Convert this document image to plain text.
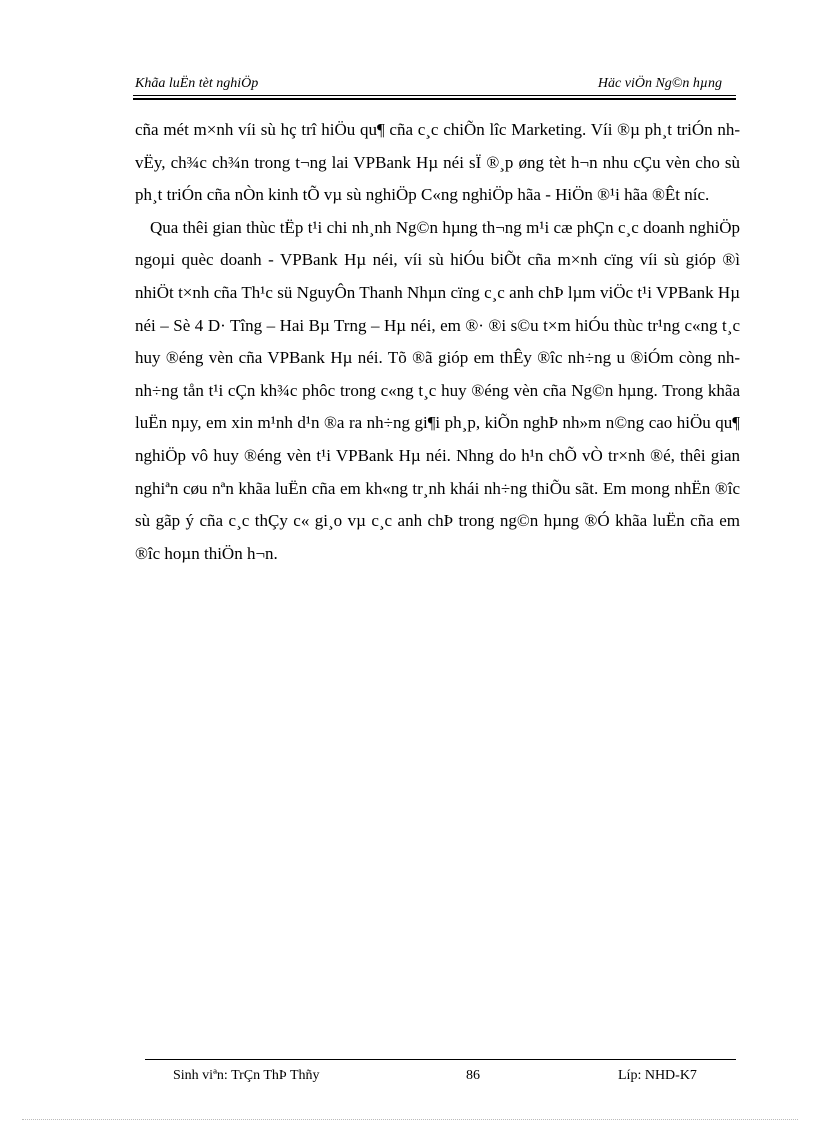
Khãa luËn tèt nghiÖp	Häc viÖn Ng©n hµng

cña mét m×nh víi sù hç trî hiÖu qu¶ cña c¸c chiÕn lîc Marketing. Víi ®µ ph¸t triÓn nh vËy, ch¾c ch¾n trong t¬ng lai VPBank Hµ néi sÏ ®¸p øng tèt h¬n nhu cÇu vèn cho sù ph¸t triÓn cña nÒn kinh tÕ vµ sù nghiÖp C«ng nghiÖp hãa - HiÖn ®¹i hãa ®Êt níc.

Qua thêi gian thùc tËp t¹i chi nh¸nh Ng©n hµng th¬ng m¹i cæ phÇn c¸c doanh nghiÖp ngoµi quèc doanh - VPBank Hµ néi, víi sù hiÓu biÕt cña m×nh cïng víi sù gióp ®ì nhiÖt t×nh cña Th¹c sü NguyÔn Thanh Nhµn cïng c¸c anh chÞ lµm viÖc t¹i VPBank Hµ néi – Sè 4 D· Tîng – Hai Bµ Trng – Hµ néi, em ®· ®i s©u t×m hiÓu thùc tr¹ng c«ng t¸c huy ®éng vèn cña VPBank Hµ néi. Tõ ®ã gióp em thÊy ®îc nh÷ng u ®iÓm còng nh nh÷ng tån t¹i cÇn kh¾c phôc trong c«ng t¸c huy ®éng vèn cña Ng©n hµng. Trong khãa luËn nµy, em xin m¹nh d¹n ®a ra nh÷ng gi¶i ph¸p, kiÕn nghÞ nh»m n©ng cao hiÖu qu¶ nghiÖp vô huy ®éng vèn t¹i VPBank Hµ néi. Nhng do h¹n chÕ vÒ tr×nh ®é, thêi gian nghiªn cøu nªn khãa luËn cña em kh«ng tr¸nh khái nh÷ng thiÕu sãt. Em mong nhËn ®îc sù gãp ý cña c¸c thÇy c« gi¸o vµ c¸c anh chÞ trong ng©n hµng ®Ó khãa luËn cña em ®îc hoµn thiÖn h¬n.

Sinh viªn: TrÇn ThÞ Thñy	86	Líp: NHD-K7
